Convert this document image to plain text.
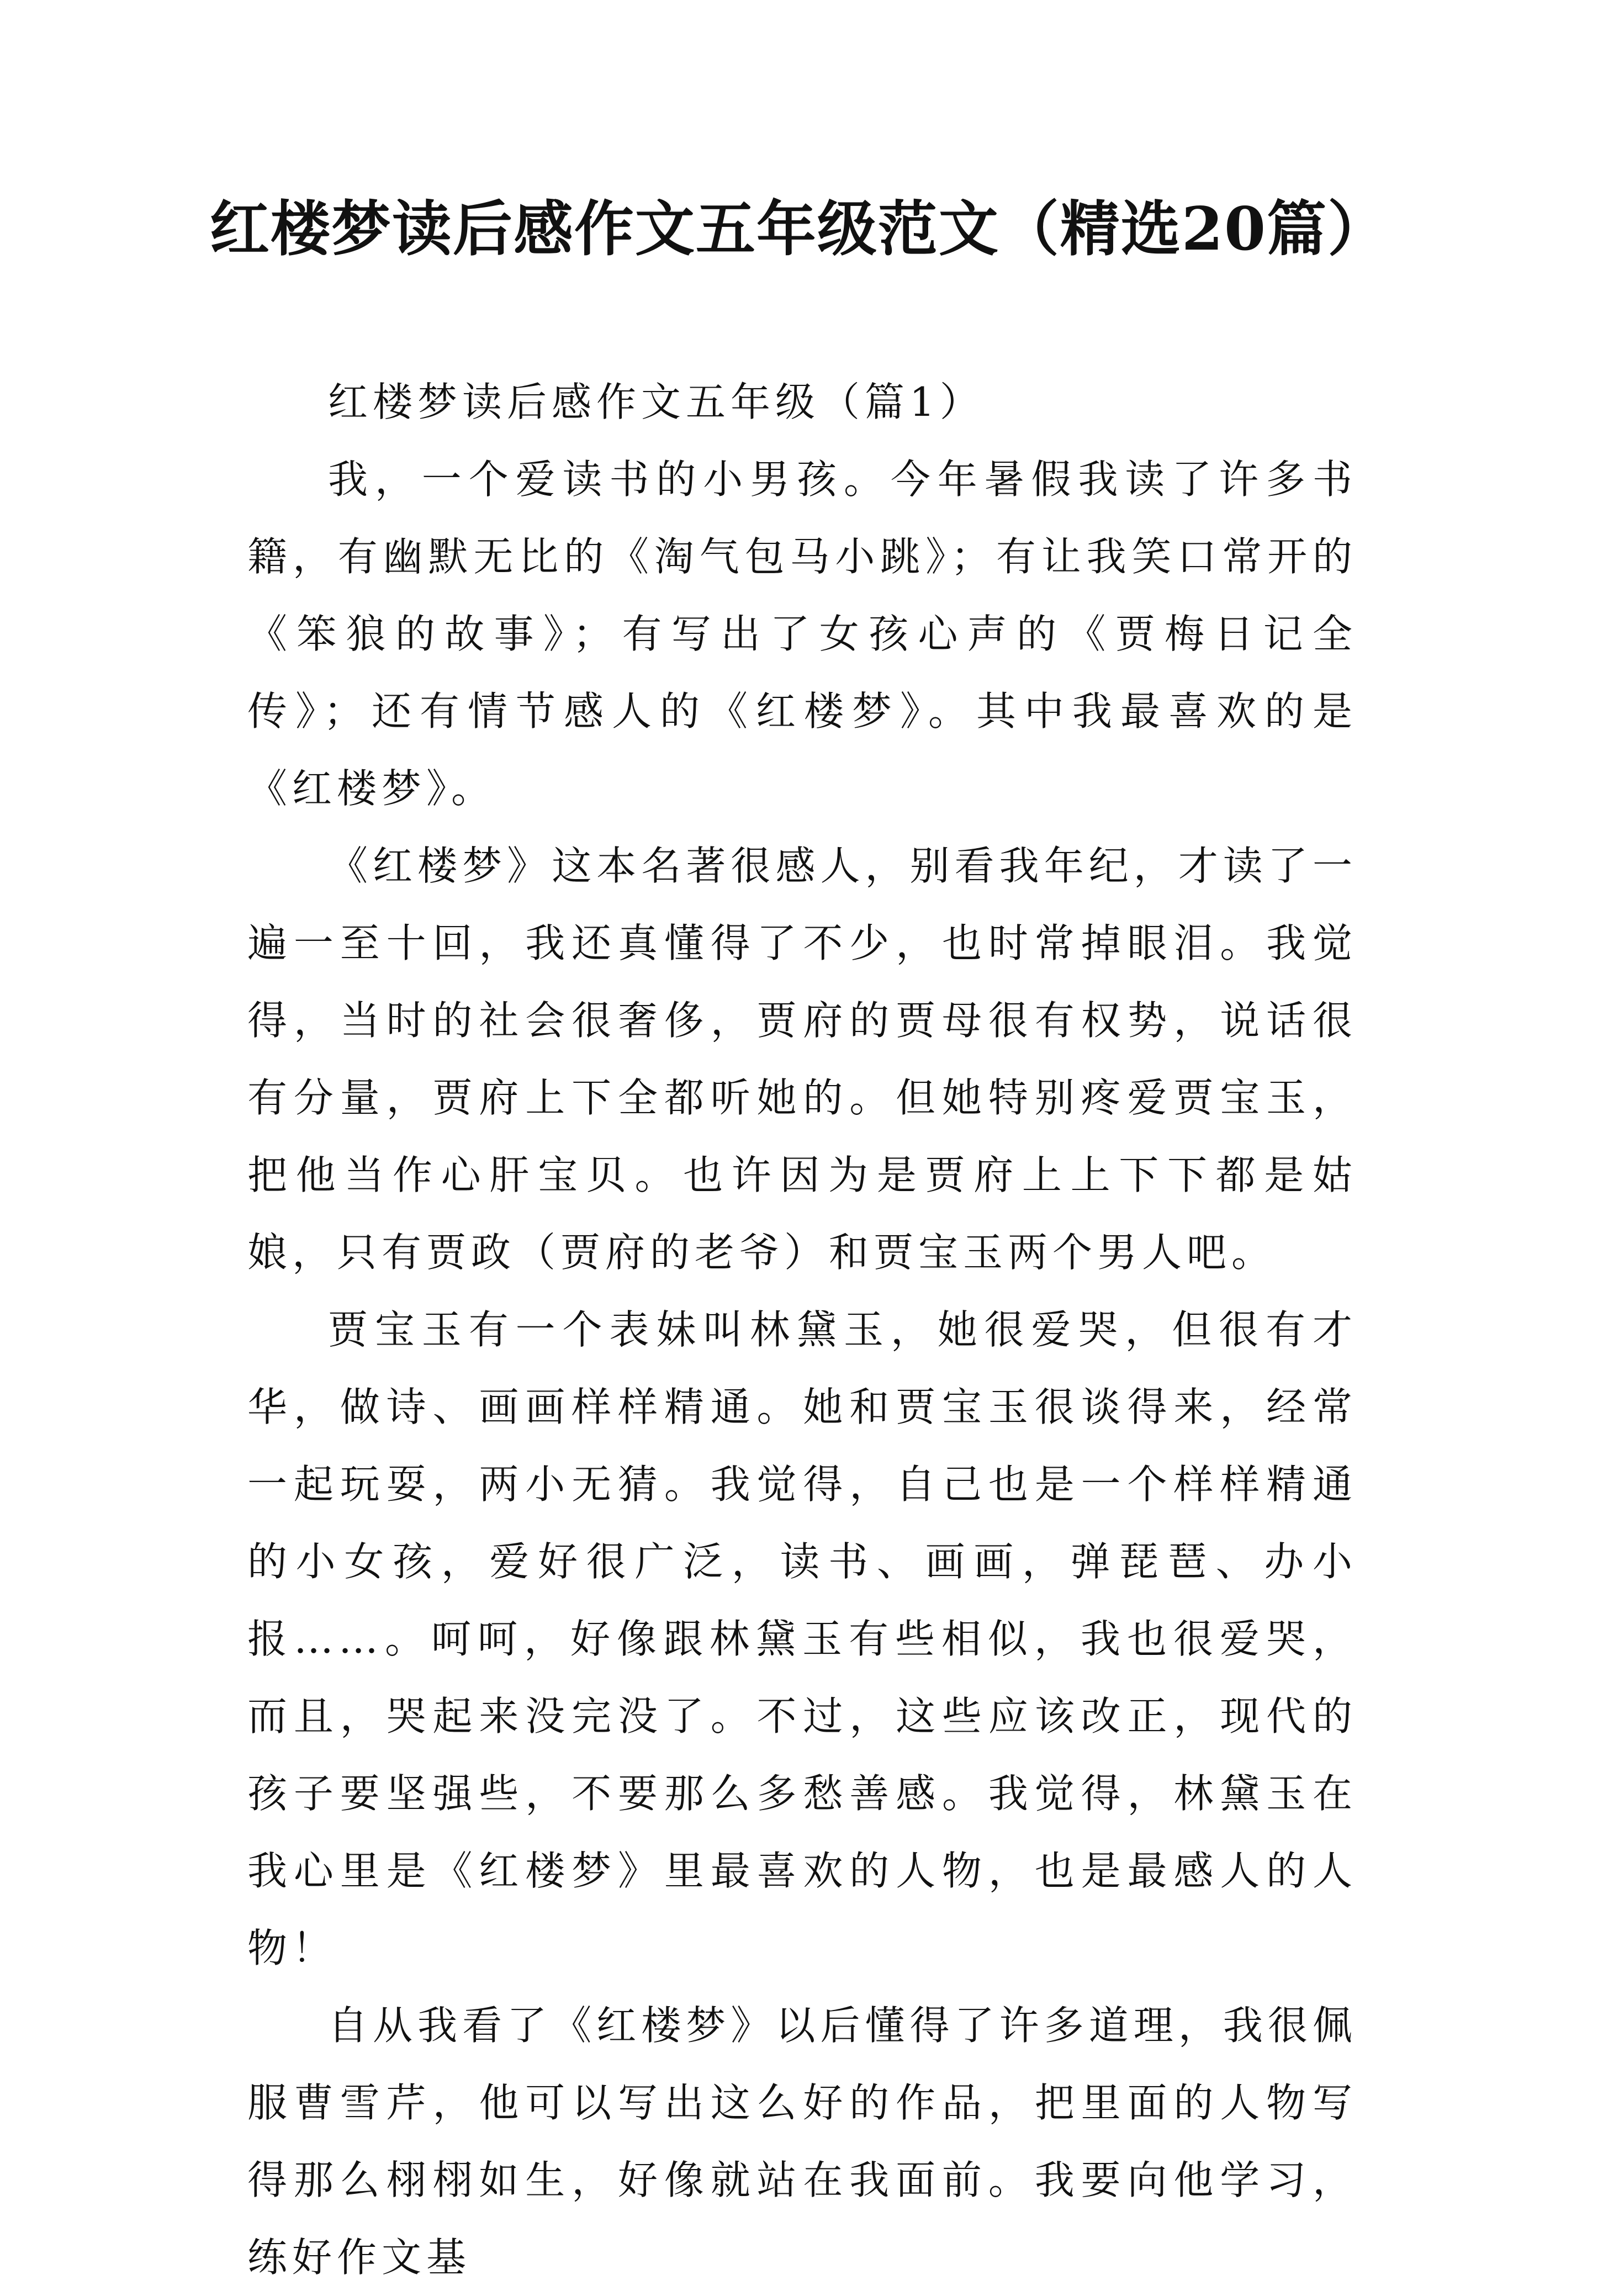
红楼梦读后感作文五年级范文（精选20篇）
红楼梦读后感作文五年级（篇1）

我，一个爱读书的小男孩。今年暑假我读了许多书籍，有幽默无比的《淘气包马小跳》；有让我笑口常开的《笨狼的故事》；有写出了女孩心声的《贾梅日记全传》；还有情节感人的《红楼梦》。其中我最喜欢的是《红楼梦》。

《红楼梦》这本名著很感人，别看我年纪，才读了一遍一至十回，我还真懂得了不少，也时常掉眼泪。我觉得，当时的社会很奢侈，贾府的贾母很有权势，说话很有分量，贾府上下全都听她的。但她特别疼爱贾宝玉，把他当作心肝宝贝。也许因为是贾府上上下下都是姑娘，只有贾政（贾府的老爷）和贾宝玉两个男人吧。

贾宝玉有一个表妹叫林黛玉，她很爱哭，但很有才华，做诗、画画样样精通。她和贾宝玉很谈得来，经常一起玩耍，两小无猜。我觉得，自己也是一个样样精通的小女孩，爱好很广泛，读书、画画，弹琵琶、办小报……。呵呵，好像跟林黛玉有些相似，我也很爱哭，而且，哭起来没完没了。不过，这些应该改正，现代的孩子要坚强些，不要那么多愁善感。我觉得，林黛玉在我心里是《红楼梦》里最喜欢的人物，也是最感人的人物！

自从我看了《红楼梦》以后懂得了许多道理，我很佩服曹雪芹，他可以写出这么好的作品，把里面的人物写得那么栩栩如生，好像就站在我面前。我要向他学习，练好作文基
